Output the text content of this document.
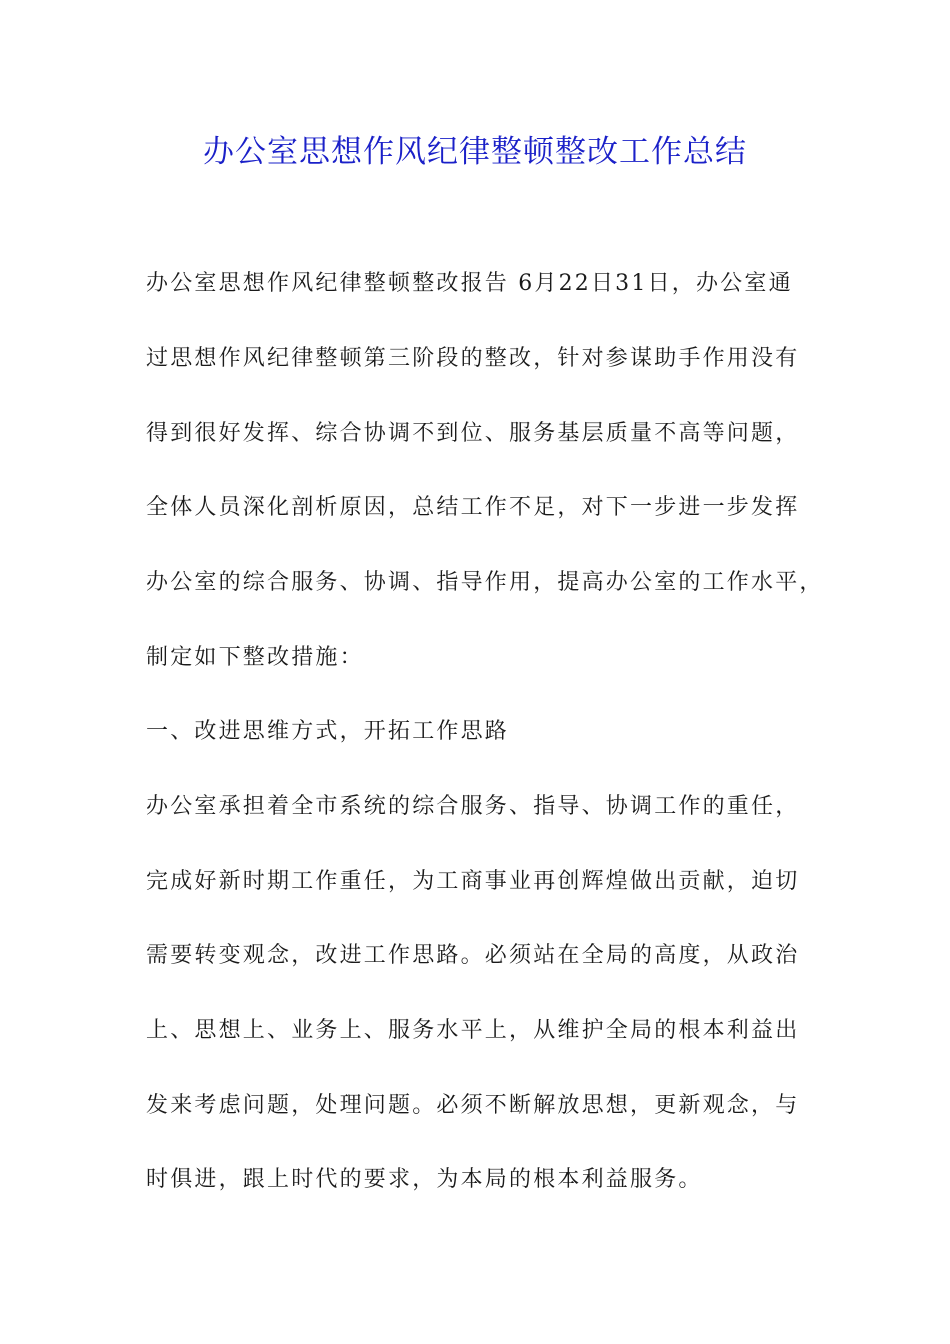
办公室思想作风纪律整顿整改工作总结
办公室思想作风纪律整顿整改报告 6月22日31日，办公室通
过思想作风纪律整顿第三阶段的整改，针对参谋助手作用没有
得到很好发挥、综合协调不到位、服务基层质量不高等问题，
全体人员深化剖析原因，总结工作不足，对下一步进一步发挥
办公室的综合服务、协调、指导作用，提高办公室的工作水平，
制定如下整改措施：
一、改进思维方式，开拓工作思路
办公室承担着全市系统的综合服务、指导、协调工作的重任，
完成好新时期工作重任，为工商事业再创辉煌做出贡献，迫切
需要转变观念，改进工作思路。必须站在全局的高度，从政治
上、思想上、业务上、服务水平上，从维护全局的根本利益出
发来考虑问题，处理问题。必须不断解放思想，更新观念，与
时俱进，跟上时代的要求，为本局的根本利益服务。
